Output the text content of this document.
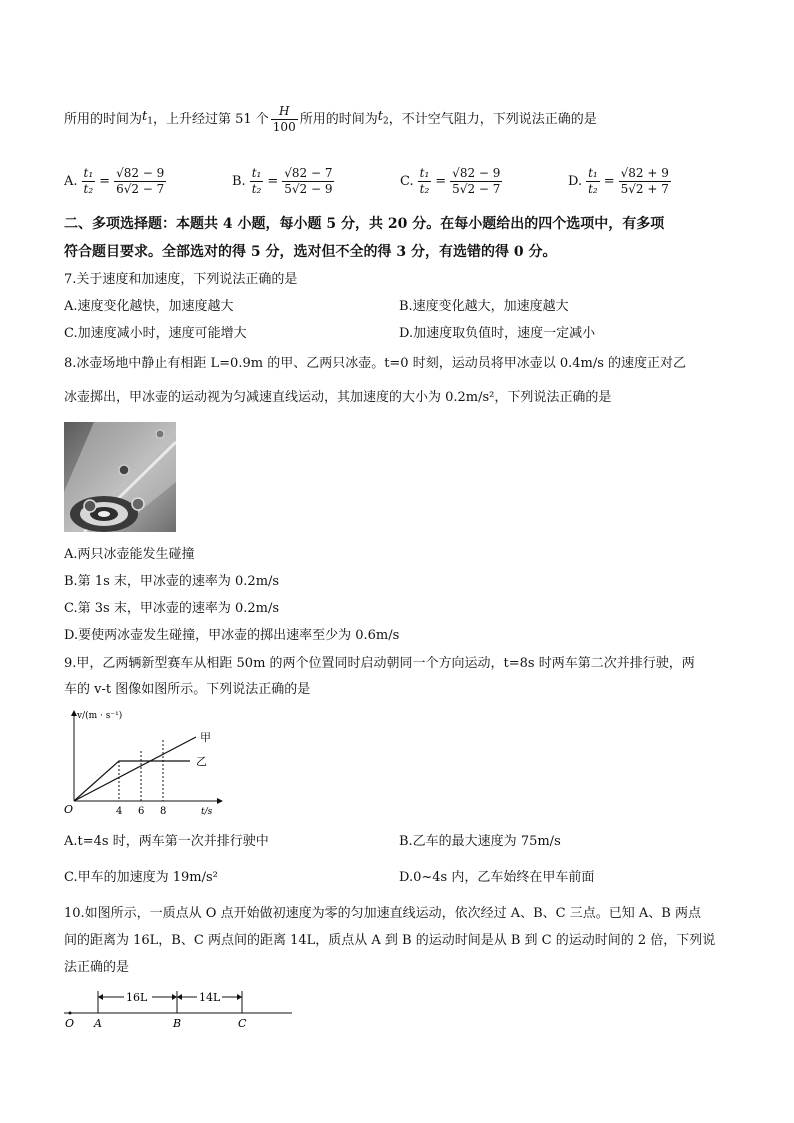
所用的时间为 $t_1$ ，上升经过第 51 个 $\frac{H}{100}$ 所用的时间为 $t_2$ ，不计空气阻力，下列说法正确的是
A. $\frac{\text{t₁}}{\text{t₂}} = \frac{√82 - 9}{6√2 - 7}$	B. $\frac{\text{t₁}}{\text{t₂}} = \frac{√82 - 7}{5√2 - 9}$	C. $\frac{\text{t₁}}{\text{t₂}} = \frac{√82 - 9}{5√2 - 7}$	D. $\frac{\text{t₁}}{\text{t₂}} = \frac{√82 + 9}{5√2 + 7}$
二、多项选择题：本题共 4 小题，每小题 5 分，共 20 分。在每小题给出的四个选项中，有多项
符合题目要求。全部选对的得 5 分，选对但不全的得 3 分，有选错的得 0 分。
7.关于速度和加速度，下列说法正确的是
A.速度变化越快，加速度越大	B.速度变化越大，加速度越大
C.加速度减小时，速度可能增大	D.加速度取负值时，速度一定减小
8.冰壶场地中静止有相距 L=0.9m 的甲、乙两只冰壶。t=0 时刻，运动员将甲冰壶以 0.4m/s 的速度正对乙
冰壶掷出，甲冰壶的运动视为匀减速直线运动，其加速度的大小为 0.2m/s²，下列说法正确的是
A.两只冰壶能发生碰撞
B.第 1s 末，甲冰壶的速率为 0.2m/s
C.第 3s 末，甲冰壶的速率为 0.2m/s
D.要使两冰壶发生碰撞，甲冰壶的掷出速率至少为 0.6m/s
9.甲，乙两辆新型赛车从相距 50m 的两个位置同时启动朝同一个方向运动，t=8s 时两车第二次并排行驶，两
车的 v-t 图像如图所示。下列说法正确的是
v/(m · s⁻¹)
t/s
O	4 6 8
甲
乙
A.t=4s 时，两车第一次并排行驶中	B.乙车的最大速度为 75m/s
C.甲车的加速度为 19m/s²	D.0~4s 内，乙车始终在甲车前面
10.如图所示，一质点从 O 点开始做初速度为零的匀加速直线运动，依次经过 A、B、C 三点。已知 A、B 两点
间的距离为 16L，B、C 两点间的距离 14L，质点从 A 到 B 的运动时间是从 B 到 C 的运动时间的 2 倍，下列说
法正确的是
16L	14L
O A	B	C
